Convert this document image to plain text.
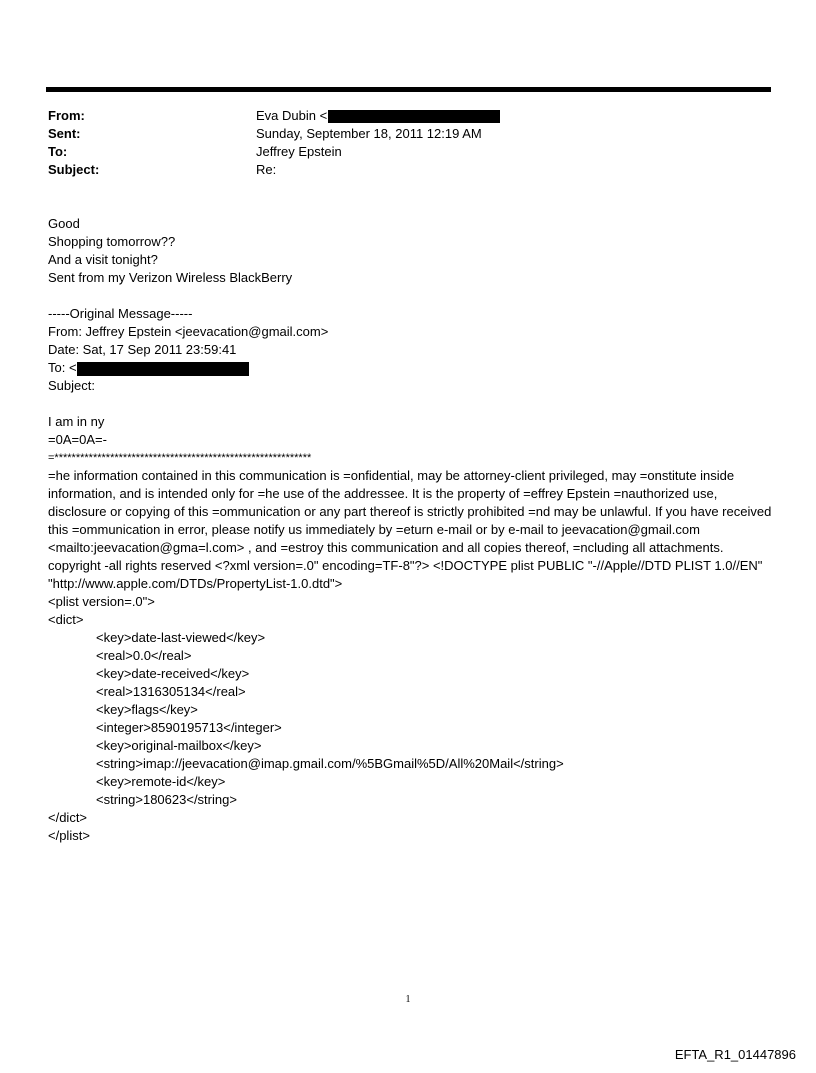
From:	Eva Dubin <
Sent:	Sunday, September 18, 2011 12:19 AM
To:	Jeffrey Epstein
Subject:	Re:
Good
Shopping tomorrow??
And a visit tonight?
Sent from my Verizon Wireless BlackBerry
-----Original Message-----
From: Jeffrey Epstein <jeevacation@gmail.com>
Date: Sat, 17 Sep 2011 23:59:41
To: <
Subject:
I am in ny
=0A=0A=-
=************************************************************
=he information contained in this communication is =onfidential, may be attorney-client privileged, may =onstitute inside information, and is intended only for =he use of the addressee. It is the property of =effrey Epstein =nauthorized use, disclosure or copying of this =ommunication or any part thereof is strictly prohibited =nd may be unlawful. If you have received this =ommunication in error, please notify us immediately by =eturn e-mail or by e-mail to jeevacation@gmail.com <mailto:jeevacation@gma=l.com> , and =estroy this communication and all copies thereof, =ncluding all attachments. copyright -all rights reserved <?xml version=.0" encoding=TF-8"?> <!DOCTYPE plist PUBLIC "-//Apple//DTD PLIST 1.0//EN" "http://www.apple.com/DTDs/PropertyList-1.0.dtd">
<plist version=.0">
<dict>
<key>date-last-viewed</key>
<real>0.0</real>
<key>date-received</key>
<real>1316305134</real>
<key>flags</key>
<integer>8590195713</integer>
<key>original-mailbox</key>
<string>imap://jeevacation@imap.gmail.com/%5BGmail%5D/All%20Mail</string>
<key>remote-id</key>
<string>180623</string>
</dict>
</plist>
1
EFTA_R1_01447896
